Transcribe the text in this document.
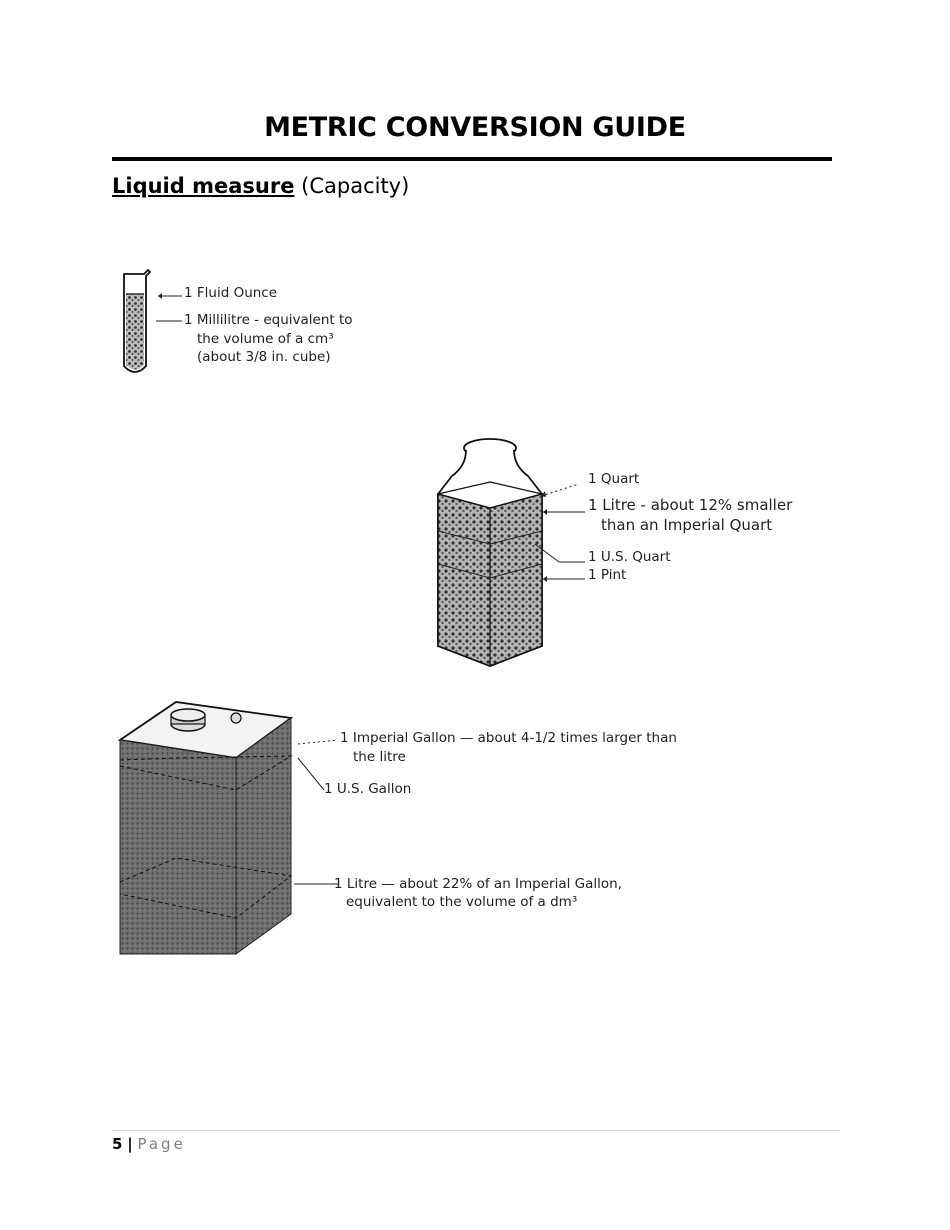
METRIC CONVERSION GUIDE
Liquid measure (Capacity)
1 Fluid Ounce
1 Millilitre - equivalent to
the volume of a cm³
(about 3/8 in. cube)
1 Quart
1 Litre - about 12% smaller
than an Imperial Quart
1 U.S. Quart
1 Pint
1 Imperial Gallon — about 4-1/2 times larger than
the litre
1 U.S. Gallon
1 Litre — about 22% of an Imperial Gallon,
equivalent to the volume of a dm³
5 | Page
